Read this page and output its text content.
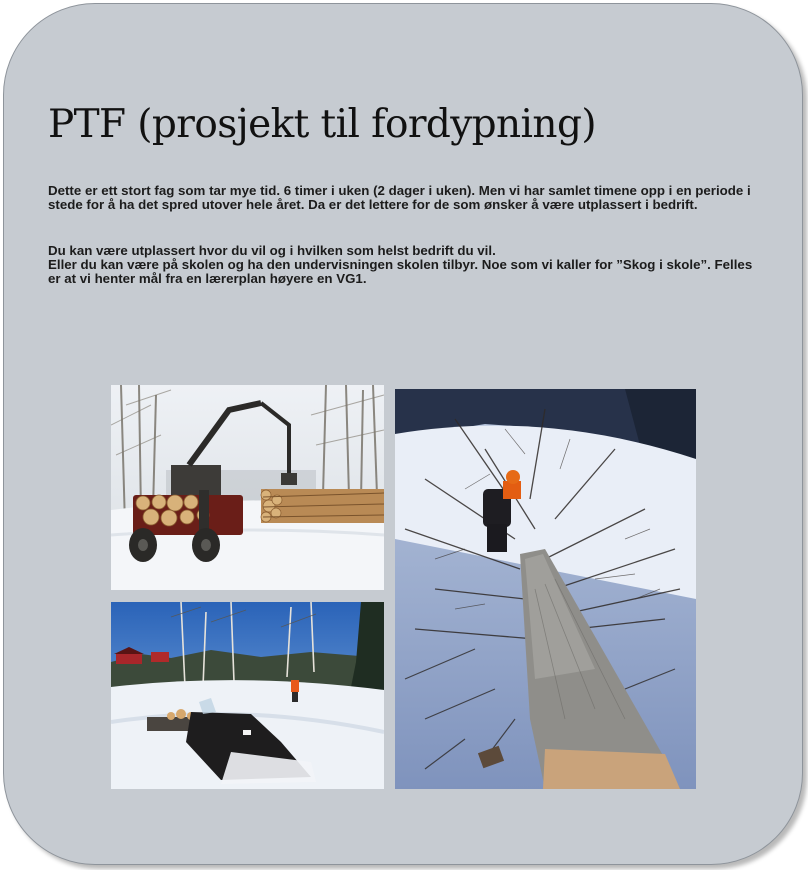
PTF (prosjekt til fordypning)

Dette er ett stort fag som tar mye tid. 6 timer i uken (2 dager i uken). Men vi har samlet timene opp i en periode i stede for å ha det spred utover hele året. Da er det lettere for de som ønsker å være utplassert i bedrift.

Du kan være utplassert hvor du vil og i hvilken som helst bedrift du vil.
Eller du kan være på skolen og ha den undervisningen skolen tilbyr. Noe som vi kaller for ”Skog i skole”. Felles er at vi henter mål fra en lærerplan høyere en VG1.
